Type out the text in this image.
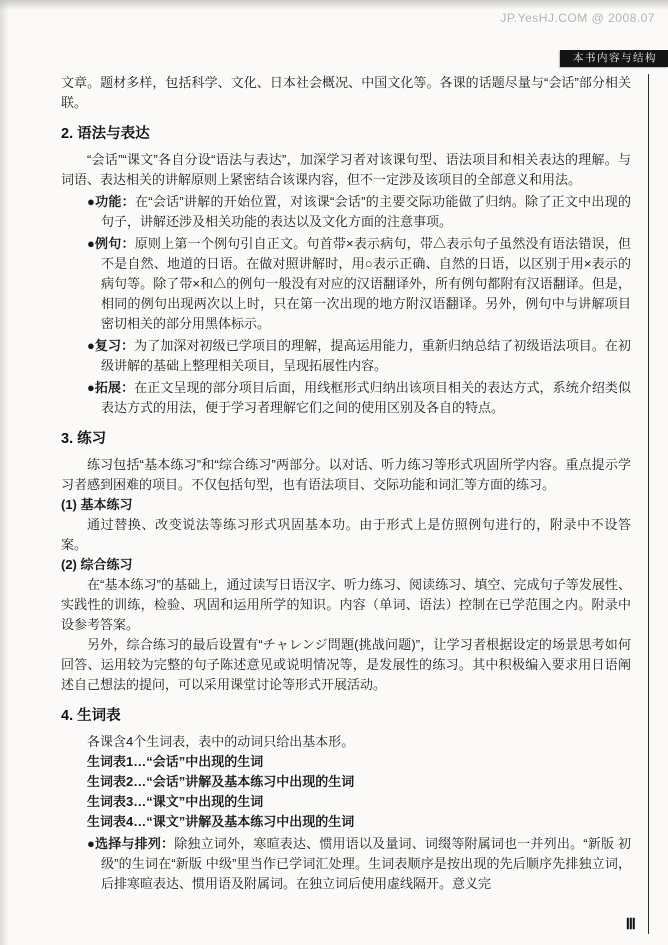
JP.YesHJ.COM @ 2008.07
本书内容与结构

文章。题材多样，包括科学、文化、日本社会概况、中国文化等。各课的话题尽量与“会话”部分相关联。

2. 语法与表达

“会话”“课文”各自分设“语法与表达”，加深学习者对该课句型、语法项目和相关表达的理解。与词语、表达相关的讲解原则上紧密结合该课内容，但不一定涉及该项目的全部意义和用法。

●功能：在“会话”讲解的开始位置，对该课“会话”的主要交际功能做了归纳。除了正文中出现的句子，讲解还涉及相关功能的表达以及文化方面的注意事项。
●例句：原则上第一个例句引自正文。句首带×表示病句，带△表示句子虽然没有语法错误，但不是自然、地道的日语。在做对照讲解时，用○表示正确、自然的日语，以区别于用×表示的病句等。除了带×和△的例句一般没有对应的汉语翻译外，所有例句都附有汉语翻译。但是，相同的例句出现两次以上时，只在第一次出现的地方附汉语翻译。另外，例句中与讲解项目密切相关的部分用黑体标示。
●复习：为了加深对初级已学项目的理解，提高运用能力，重新归纳总结了初级语法项目。在初级讲解的基础上整理相关项目，呈现拓展性内容。
●拓展：在正文呈现的部分项目后面，用线框形式归纳出该项目相关的表达方式，系统介绍类似表达方式的用法，便于学习者理解它们之间的使用区别及各自的特点。
3. 练习

练习包括“基本练习”和“综合练习”两部分。以对话、听力练习等形式巩固所学内容。重点提示学习者感到困难的项目。不仅包括句型，也有语法项目、交际功能和词汇等方面的练习。

(1) 基本练习

通过替换、改变说法等练习形式巩固基本功。由于形式上是仿照例句进行的，附录中不设答案。

(2) 综合练习

在“基本练习”的基础上，通过读写日语汉字、听力练习、阅读练习、填空、完成句子等发展性、实践性的训练，检验、巩固和运用所学的知识。内容（单词、语法）控制在已学范围之内。附录中设参考答案。

另外，综合练习的最后设置有“チャレンジ問題(挑战问题)”，让学习者根据设定的场景思考如何回答、运用较为完整的句子陈述意见或说明情况等，是发展性的练习。其中积极编入要求用日语阐述自己想法的提问，可以采用课堂讨论等形式开展活动。

4. 生词表

各课含4个生词表，表中的动词只给出基本形。

生词表1…“会话”中出现的生词

生词表2…“会话”讲解及基本练习中出现的生词

生词表3…“课文”中出现的生词

生词表4…“课文”讲解及基本练习中出现的生词

●选择与排列：除独立词外，寒暄表达、惯用语以及量词、词缀等附属词也一并列出。“新版 初级”的生词在“新版 中级”里当作已学词汇处理。生词表顺序是按出现的先后顺序先排独立词，后排寒暄表达、惯用语及附属词。在独立词后使用虚线隔开。意义完
Ⅲ
